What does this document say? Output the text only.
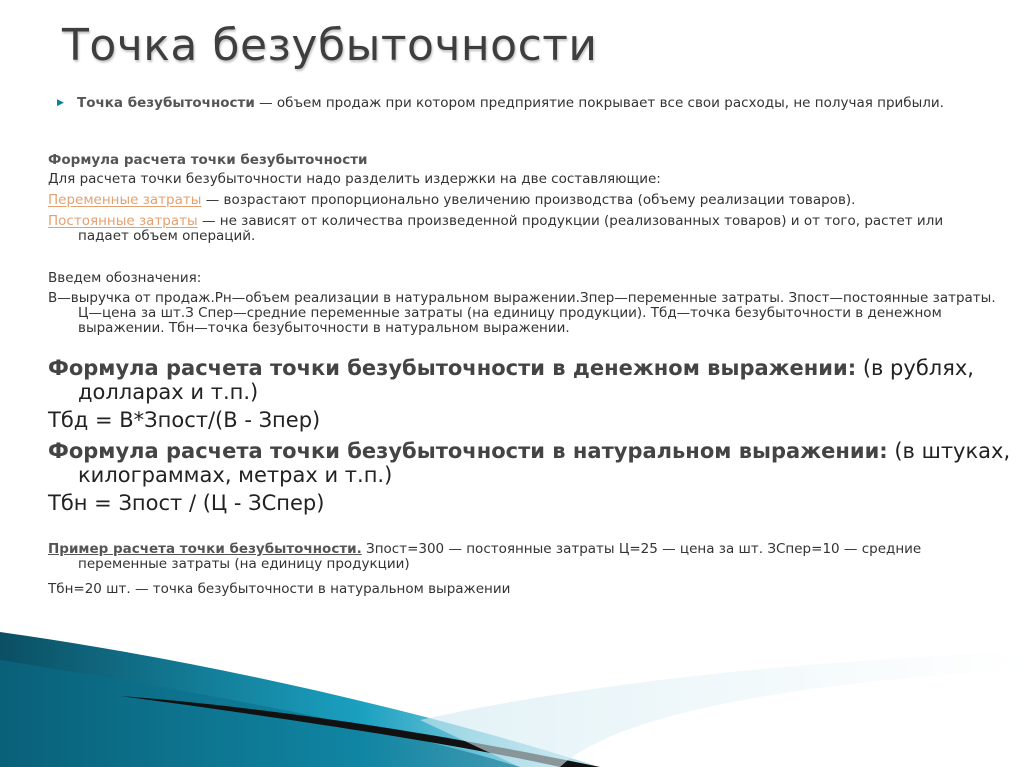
Точка безубыточности
▶ Точка безубыточности — объем продаж при котором предприятие покрывает все свои расходы, не получая прибыли.

Формула расчета точки безубыточности

Для расчета точки безубыточности надо разделить издержки на две составляющие:

Переменные затраты — возрастают пропорционально увеличению производства (объему реализации товаров).

Постоянные затраты — не зависят от количества произведенной продукции (реализованных товаров) и от того, растет или падает объем операций.

Введем обозначения:

В—выручка от продаж.Рн—объем реализации в натуральном выражении.Зпер—переменные затраты. Зпост—постоянные затраты. Ц—цена за шт.З Спер—средние переменные затраты (на единицу продукции). Тбд—точка безубыточности в денежном выражении. Тбн—точка безубыточности в натуральном выражении.

Формула расчета точки безубыточности в денежном выражении: (в рублях, долларах и т.п.)

Тбд = В*Зпост/(В - Зпер)

Формула расчета точки безубыточности в натуральном выражении: (в штуках, килограммах, метрах и т.п.)

Тбн = Зпост / (Ц - ЗСпер)

Пример расчета точки безубыточности. Зпост=300 — постоянные затраты Ц=25 — цена за шт. ЗСпер=10 — средние переменные затраты (на единицу продукции)

Тбн=20 шт. — точка безубыточности в натуральном выражении
